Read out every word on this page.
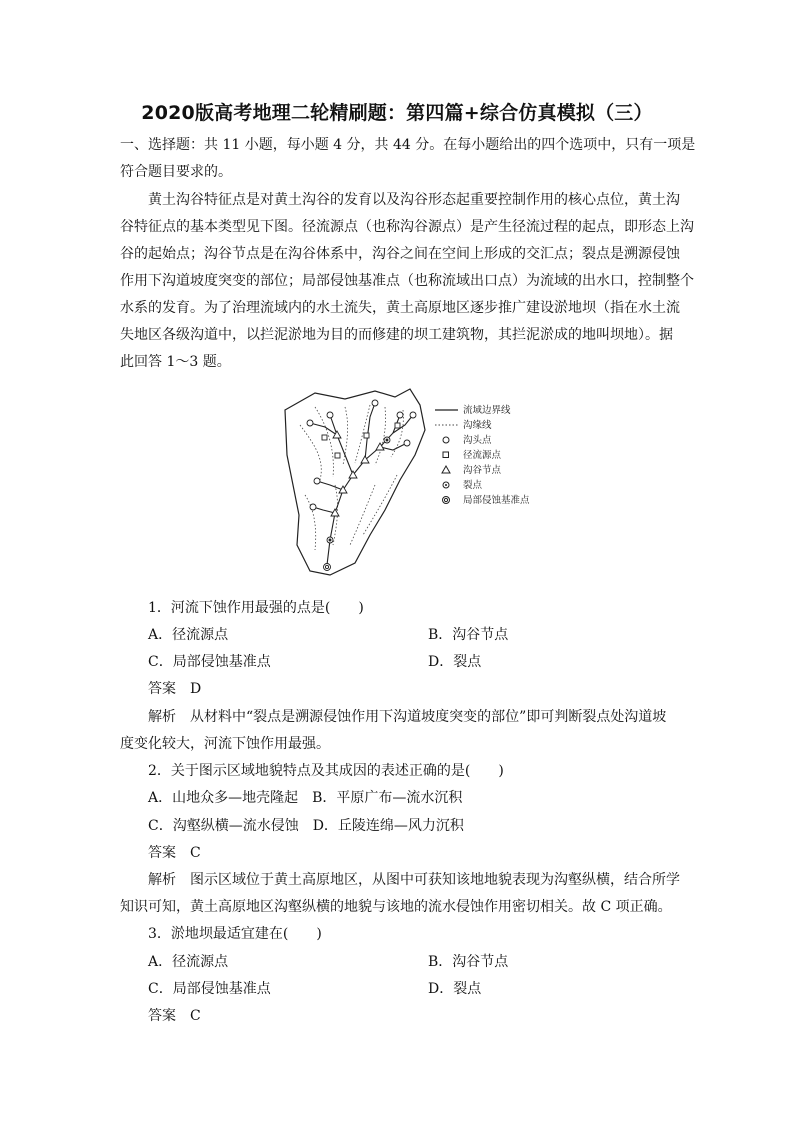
2020版高考地理二轮精刷题：第四篇+综合仿真模拟（三）
一、选择题：共 11 小题，每小题 4 分，共 44 分。在每小题给出的四个选项中，只有一项是
符合题目要求的。
黄土沟谷特征点是对黄土沟谷的发育以及沟谷形态起重要控制作用的核心点位，黄土沟
谷特征点的基本类型见下图。径流源点（也称沟谷源点）是产生径流过程的起点，即形态上沟
谷的起始点；沟谷节点是在沟谷体系中，沟谷之间在空间上形成的交汇点；裂点是溯源侵蚀
作用下沟道坡度突变的部位；局部侵蚀基准点（也称流域出口点）为流域的出水口，控制整个
水系的发育。为了治理流域内的水土流失，黄土高原地区逐步推广建设淤地坝（指在水土流
失地区各级沟道中，以拦泥淤地为目的而修建的坝工建筑物，其拦泥淤成的地叫坝地）。据
此回答 1～3 题。
流域边界线
沟缘线
沟头点
径流源点
沟谷节点
裂点
局部侵蚀基准点
1．河流下蚀作用最强的点是(　　)
A．径流源点	B．沟谷节点
C．局部侵蚀基准点	D．裂点
答案　D
解析　从材料中“裂点是溯源侵蚀作用下沟道坡度突变的部位”即可判断裂点处沟道坡
度变化较大，河流下蚀作用最强。
2．关于图示区域地貌特点及其成因的表述正确的是(　　)
A．山地众多—地壳隆起　B．平原广布—流水沉积
C．沟壑纵横—流水侵蚀　D．丘陵连绵—风力沉积
答案　C
解析　图示区域位于黄土高原地区，从图中可获知该地地貌表现为沟壑纵横，结合所学
知识可知，黄土高原地区沟壑纵横的地貌与该地的流水侵蚀作用密切相关。故 C 项正确。
3．淤地坝最适宜建在(　　)
A．径流源点	B．沟谷节点
C．局部侵蚀基准点	D．裂点
答案　C
